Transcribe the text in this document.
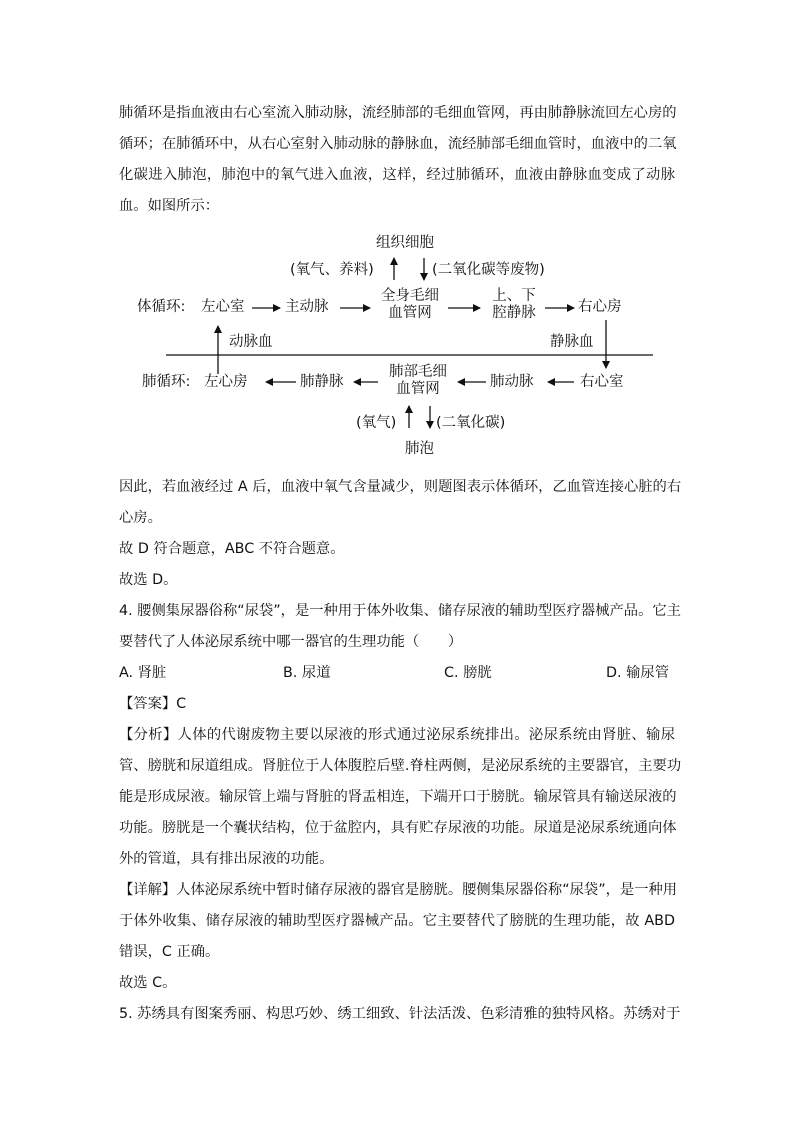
肺循环是指血液由右心室流入肺动脉，流经肺部的毛细血管网，再由肺静脉流回左心房的
循环；在肺循环中，从右心室射入肺动脉的静脉血，流经肺部毛细血管时，血液中的二氧
化碳进入肺泡，肺泡中的氧气进入血液，这样，经过肺循环，血液由静脉血变成了动脉
血。如图所示：
组织细胞
(氧气、养料)	(二氧化碳等废物)
体循环: 左心室	主动脉
全身毛细
血管网
上、下
腔静脉	右心房
动脉血	静脉血
肺循环: 左心房	肺静脉
肺部毛细
血管网	肺动脉	右心室
(氧气)	(二氧化碳)
肺泡
因此，若血液经过 A 后，血液中氧气含量减少，则题图表示体循环，乙血管连接心脏的右
心房。
故 D 符合题意，ABC 不符合题意。
故选 D。
4. 腰侧集尿器俗称“尿袋”，是一种用于体外收集、储存尿液的辅助型医疗器械产品。它主
要替代了人体泌尿系统中哪一器官的生理功能（　　）
A. 肾脏	B. 尿道	C. 膀胱	D. 输尿管
【答案】C
【分析】人体的代谢废物主要以尿液的形式通过泌尿系统排出。泌尿系统由肾脏、输尿
管、膀胱和尿道组成。肾脏位于人体腹腔后壁.脊柱两侧，是泌尿系统的主要器官，主要功
能是形成尿液。输尿管上端与肾脏的肾盂相连，下端开口于膀胱。输尿管具有输送尿液的
功能。膀胱是一个囊状结构，位于盆腔内，具有贮存尿液的功能。尿道是泌尿系统通向体
外的管道，具有排出尿液的功能。
【详解】人体泌尿系统中暂时储存尿液的器官是膀胱。腰侧集尿器俗称“尿袋”，是一种用
于体外收集、储存尿液的辅助型医疗器械产品。它主要替代了膀胱的生理功能，故 ABD
错误，C 正确。
故选 C。
5. 苏绣具有图案秀丽、构思巧妙、绣工细致、针法活泼、色彩清雅的独特风格。苏绣对于
